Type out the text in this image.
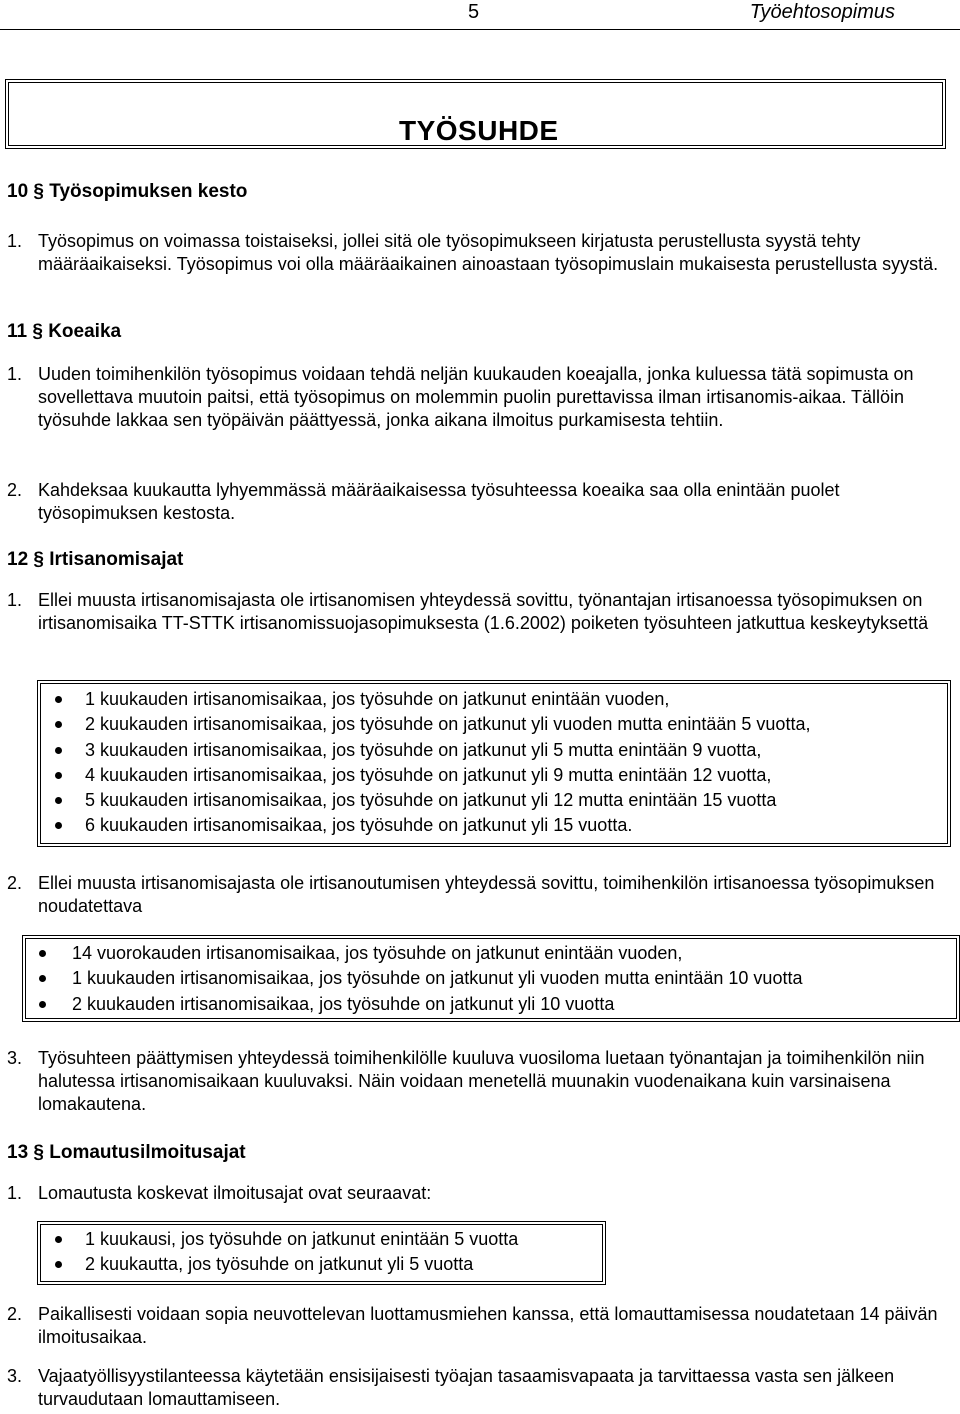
5	Työehtosopimus
TYÖSUHDE
10 § Työsopimuksen kesto
1. Työsopimus on voimassa toistaiseksi, jollei sitä ole työsopimukseen kirjatusta perustellusta syystä tehty määräaikaiseksi. Työsopimus voi olla määräaikainen ainoastaan työsopimuslain mukaisesta perustellusta syystä.
11 § Koeaika
1. Uuden toimihenkilön työsopimus voidaan tehdä neljän kuukauden koeajalla, jonka kuluessa tätä sopimusta on sovellettava muutoin paitsi, että työsopimus on molemmin puolin purettavissa ilman irtisanomis-aikaa. Tällöin työsuhde lakkaa sen työpäivän päättyessä, jonka aikana ilmoitus purkamisesta tehtiin.
2. Kahdeksaa kuukautta lyhyemmässä määräaikaisessa työsuhteessa koeaika saa olla enintään puolet työsopimuksen kestosta.
12 § Irtisanomisajat
1. Ellei muusta irtisanomisajasta ole irtisanomisen yhteydessä sovittu, työnantajan irtisanoessa työsopimuksen on irtisanomisaika TT-STTK irtisanomissuojasopimuksesta (1.6.2002) poiketen työsuhteen jatkuttua keskeytyksettä
1 kuukauden irtisanomisaikaa, jos työsuhde on jatkunut enintään vuoden,
2 kuukauden irtisanomisaikaa, jos työsuhde on jatkunut yli vuoden mutta enintään 5 vuotta,
3 kuukauden irtisanomisaikaa, jos työsuhde on jatkunut yli 5 mutta enintään 9 vuotta,
4 kuukauden irtisanomisaikaa, jos työsuhde on jatkunut yli 9 mutta enintään 12 vuotta,
5 kuukauden irtisanomisaikaa, jos työsuhde on jatkunut yli 12 mutta enintään 15 vuotta
6 kuukauden irtisanomisaikaa, jos työsuhde on jatkunut yli 15 vuotta.
2. Ellei muusta irtisanomisajasta ole irtisanoutumisen yhteydessä sovittu, toimihenkilön irtisanoessa työsopimuksen noudatettava
14 vuorokauden irtisanomisaikaa, jos työsuhde on jatkunut enintään vuoden,
1 kuukauden irtisanomisaikaa, jos työsuhde on jatkunut yli vuoden mutta enintään 10 vuotta
2 kuukauden irtisanomisaikaa, jos työsuhde on jatkunut yli 10 vuotta
3. Työsuhteen päättymisen yhteydessä toimihenkilölle kuuluva vuosiloma luetaan työnantajan ja toimihenkilön niin halutessa irtisanomisaikaan kuuluvaksi. Näin voidaan menetellä muunakin vuodenaikana kuin varsinaisena lomakautena.
13 § Lomautusilmoitusajat
1. Lomautusta koskevat ilmoitusajat ovat seuraavat:
1 kuukausi, jos työsuhde on jatkunut enintään 5 vuotta
2 kuukautta, jos työsuhde on jatkunut yli 5 vuotta
2. Paikallisesti voidaan sopia neuvottelevan luottamusmiehen kanssa, että lomauttamisessa noudatetaan 14 päivän ilmoitusaikaa.
3. Vajaatyöllisyystilanteessa käytetään ensisijaisesti työajan tasaamisvapaata ja tarvittaessa vasta sen jälkeen turvaudutaan lomauttamiseen.
